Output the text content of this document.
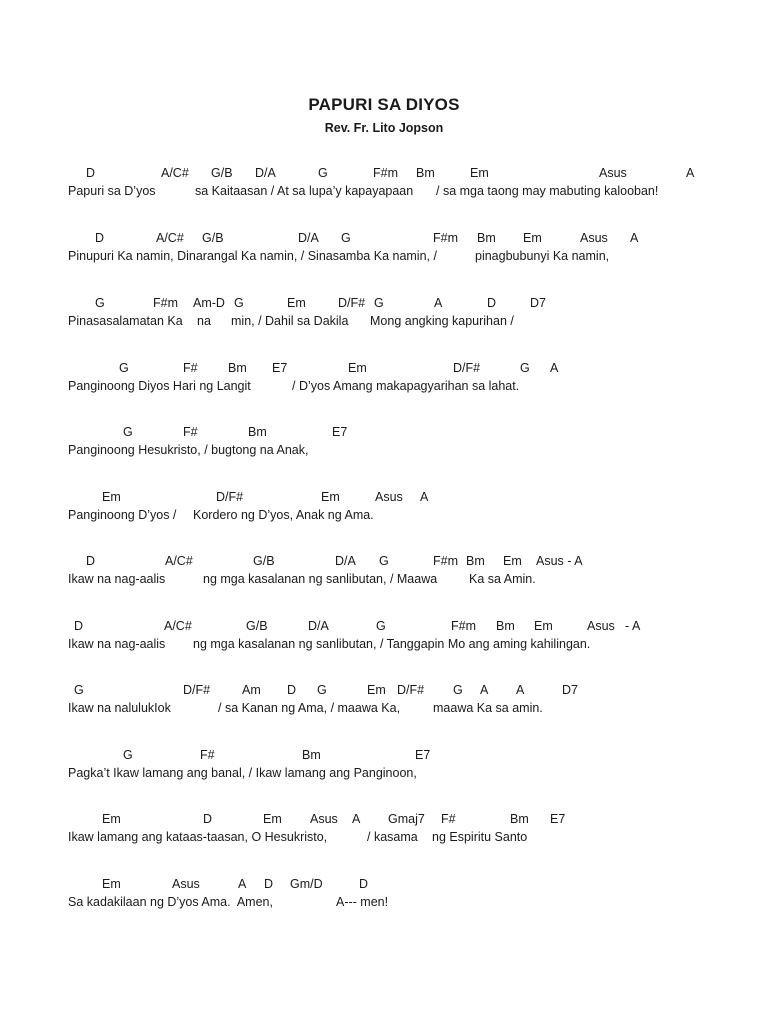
PAPURI SA DIYOS
Rev. Fr. Lito Jopson
D	A/C# G/B D/A	G	F#m Bm	Em	Asus	A
Papuri sa D’yos	sa Kaitaasan / At sa lupa’y kapayapaan / sa mga taong may mabuting kalooban!
D	A/C# G/B	D/A G	F#m Bm Em	Asus A
Pinupuri Ka namin, Dinarangal Ka namin, / Sinasamba Ka namin, /	pinagbubunyi Ka namin,
G	F#m Am-D G	Em	D/F# G	A	D	D7
Pinasasalamatan Ka na min, / Dahil sa Dakila Mong angking kapurihan /
G	F# Bm E7	Em	D/F#	G A
Panginoong Diyos Hari ng Langit	/ D’yos Amang makapagyarihan sa lahat.
G	F#	Bm	E7
Panginoong Hesukristo, / bugtong na Anak,
Em	D/F#	Em	Asus A
Panginoong D’yos / Kordero ng D’yos, Anak ng Ama.
D	A/C#	G/B	D/A G	F#m Bm Em Asus - A
Ikaw na nag-aalis	ng mga kasalanan ng sanlibutan, / Maawa	Ka sa Amin.
D	A/C#	G/B	D/A	G	F#m Bm Em	Asus - A
Ikaw na nag-aalis ng mga kasalanan ng sanlibutan, / Tanggapin Mo ang aming kahilingan.
G	D/F#	Am D G	Em D/F# G A A	D7
Ikaw na nalulukIok	/ sa Kanan ng Ama, / maawa Ka,	maawa Ka sa amin.
G	F#	Bm	E7
Pagka’t Ikaw lamang ang banal, / Ikaw lamang ang Panginoon,
Em	D	Em Asus A Gmaj7 F#	Bm E7
Ikaw lamang ang kataas-taasan, O Hesukristo,	/ kasama ng Espiritu Santo
Em	Asus	A D Gm/D	D
Sa kadakilaan ng D’yos Ama.  Amen,	A--- men!
